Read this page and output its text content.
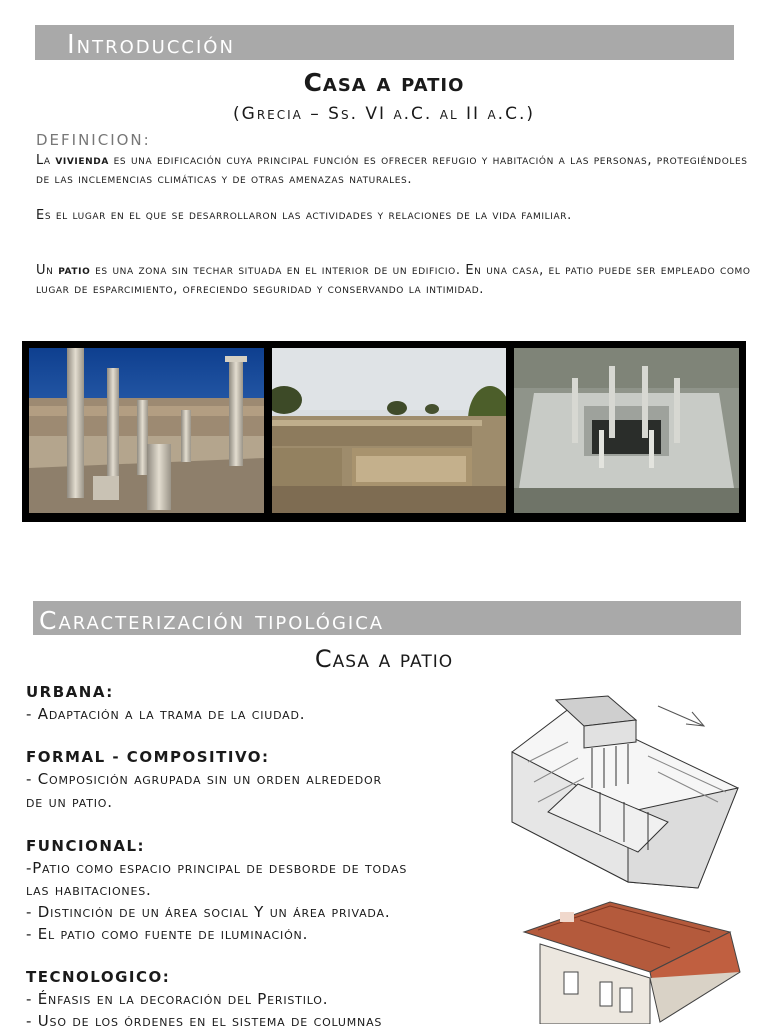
Introducción
Casa a patio
(Grecia – Ss. VI a.C. al II a.C.)
DEFINICION:

La vivienda es una edificación cuya principal función es ofrecer refugio y habitación a las personas, protegiéndoles de las inclemencias climáticas y de otras amenazas naturales.

Es el lugar en el que se desarrollaron las actividades y relaciones de la vida familiar.

Un patio es una zona sin techar situada en el interior de un edificio. En una casa, el patio puede ser empleado como lugar de esparcimiento, ofreciendo seguridad y conservando la intimidad.

Caracterización tipológica
Casa a patio
URBANA:
- Adaptación a la trama de la ciudad.
FORMAL - COMPOSITIVO:
- Composición agrupada sin un orden alrededor
de un patio.
FUNCIONAL:
-Patio como espacio principal de desborde de todas
las habitaciones.
- Distinción de un área social Y un área privada.
- El patio como fuente de iluminación.
TECNOLOGICO:
- Énfasis en la decoración del Peristilo.
- Uso de los órdenes en el sistema de columnas
